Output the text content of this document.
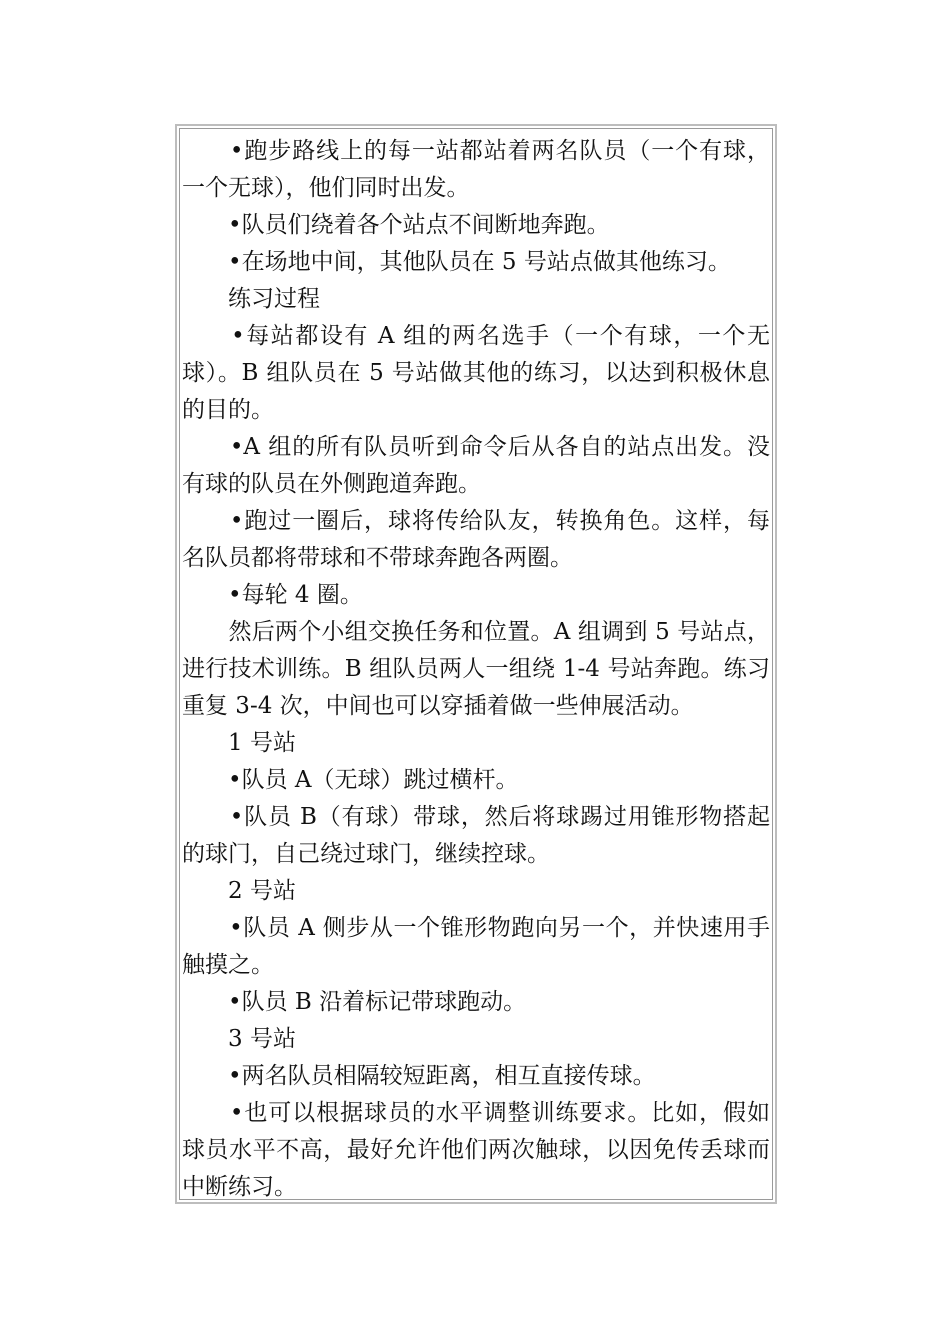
　　•跑步路线上的每一站都站着两名队员（一个有球，一个无球），他们同时出发。

　　•队员们绕着各个站点不间断地奔跑。

　　•在场地中间，其他队员在 5 号站点做其他练习。

　　练习过程

　　•每站都设有 A 组的两名选手（一个有球，一个无球）。B 组队员在 5 号站做其他的练习，以达到积极休息的目的。

　　•A 组的所有队员听到命令后从各自的站点出发。没有球的队员在外侧跑道奔跑。

　　•跑过一圈后，球将传给队友，转换角色。这样，每名队员都将带球和不带球奔跑各两圈。

　　•每轮 4 圈。

　　然后两个小组交换任务和位置。A 组调到 5 号站点，进行技术训练。B 组队员两人一组绕 1-4 号站奔跑。练习重复 3-4 次，中间也可以穿插着做一些伸展活动。

　　1 号站

　　•队员 A（无球）跳过横杆。

　　•队员 B（有球）带球，然后将球踢过用锥形物搭起的球门，自己绕过球门，继续控球。

　　2 号站

　　•队员 A 侧步从一个锥形物跑向另一个，并快速用手触摸之。

　　•队员 B 沿着标记带球跑动。

　　3 号站

　　•两名队员相隔较短距离，相互直接传球。

　　•也可以根据球员的水平调整训练要求。比如，假如球员水平不高，最好允许他们两次触球，以因免传丢球而中断练习。
